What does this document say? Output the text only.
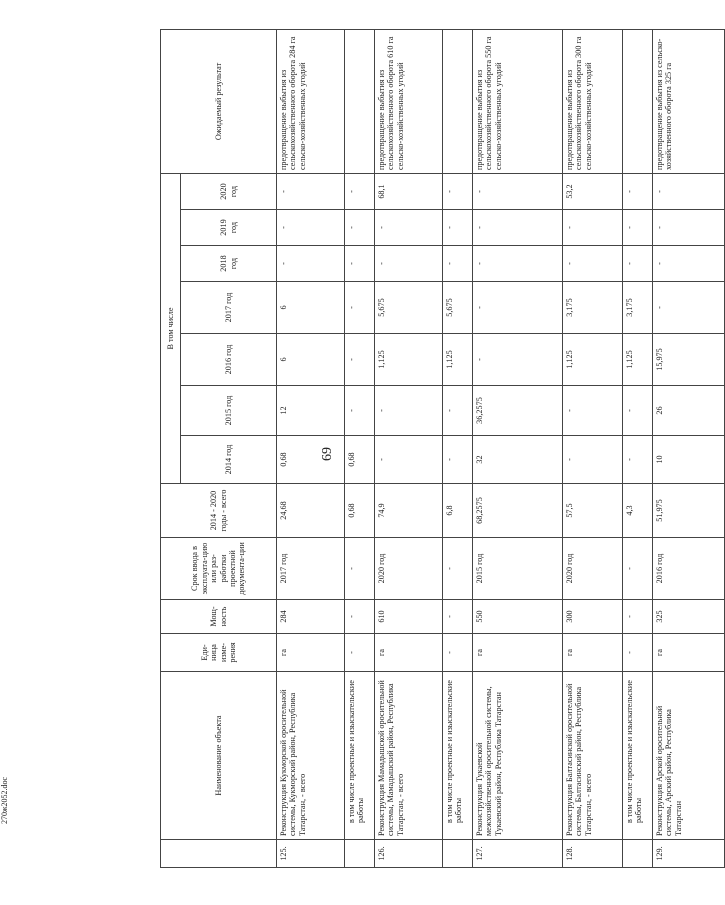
69
	Наименование объекта	Еди-ница изме-рения	Мощ-ность	Срок ввода в эксплуата-цию или раз-работки проектной документа-ции	2014 - 2020 годы - всего	В том числе							Ожидаемый результат
						2014 год	2015 год	2016 год	2017 год	2018 год	2019 год	2020 год	
125.	Реконструкция Кукморской оросительной системы, Кукморский район, Республика Татарстан, - всего	га	284	2017 год	24,68	0,68	12	6	6	-	-	-	предотвращение выбытия из сельскохозяйственного оборота 284 га сельско-хозяйственных угодий
	в том числе проектные и изыскательские работы	-	-	-	0,68	0,68	-	-	-	-	-	-	
126.	Реконструкция Мамадышской оросительной системы, Мамадышский район, Республика Татарстан, - всего	га	610	2020 год	74,9	-	-	1,125	5,675	-	-	68,1	предотвращение выбытия из сельскохозяйственного оборота 610 га сельско-хозяйственных угодий
	в том числе проектные и изыскательские работы	-	-	-	6,8	-	-	1,125	5,675	-	-	-	
127.	Реконструкция Тукаевской межхозяйственной оросительной системы, Тукаевский район, Республика Татарстан	га	550	2015 год	68,2575	32	36,2575	-	-	-	-	-	предотвращение выбытия из сельскохозяйственного оборота 550 га сельско-хозяйственных угодий
128.	Реконструкция Балтасинской оросительной системы, Балтасинский район, Республика Татарстан, - всего	га	300	2020 год	57,5	-	-	1,125	3,175	-	-	53,2	предотвращение выбытия из сельскохозяйственного оборота 300 га сельско-хозяйственных угодий
	в том числе проектные и изыскательские работы	-	-	-	4,3	-	-	1,125	3,175	-	-	-	
129.	Реконструкция Арской оросительной системы, Арский район, Республика Татарстан	га	325	2016 год	51,975	10	26	15,975	-	-	-	-	предотвращение выбытия из сельско-хозяйственного оборота 325 га
270ж2052.doc
